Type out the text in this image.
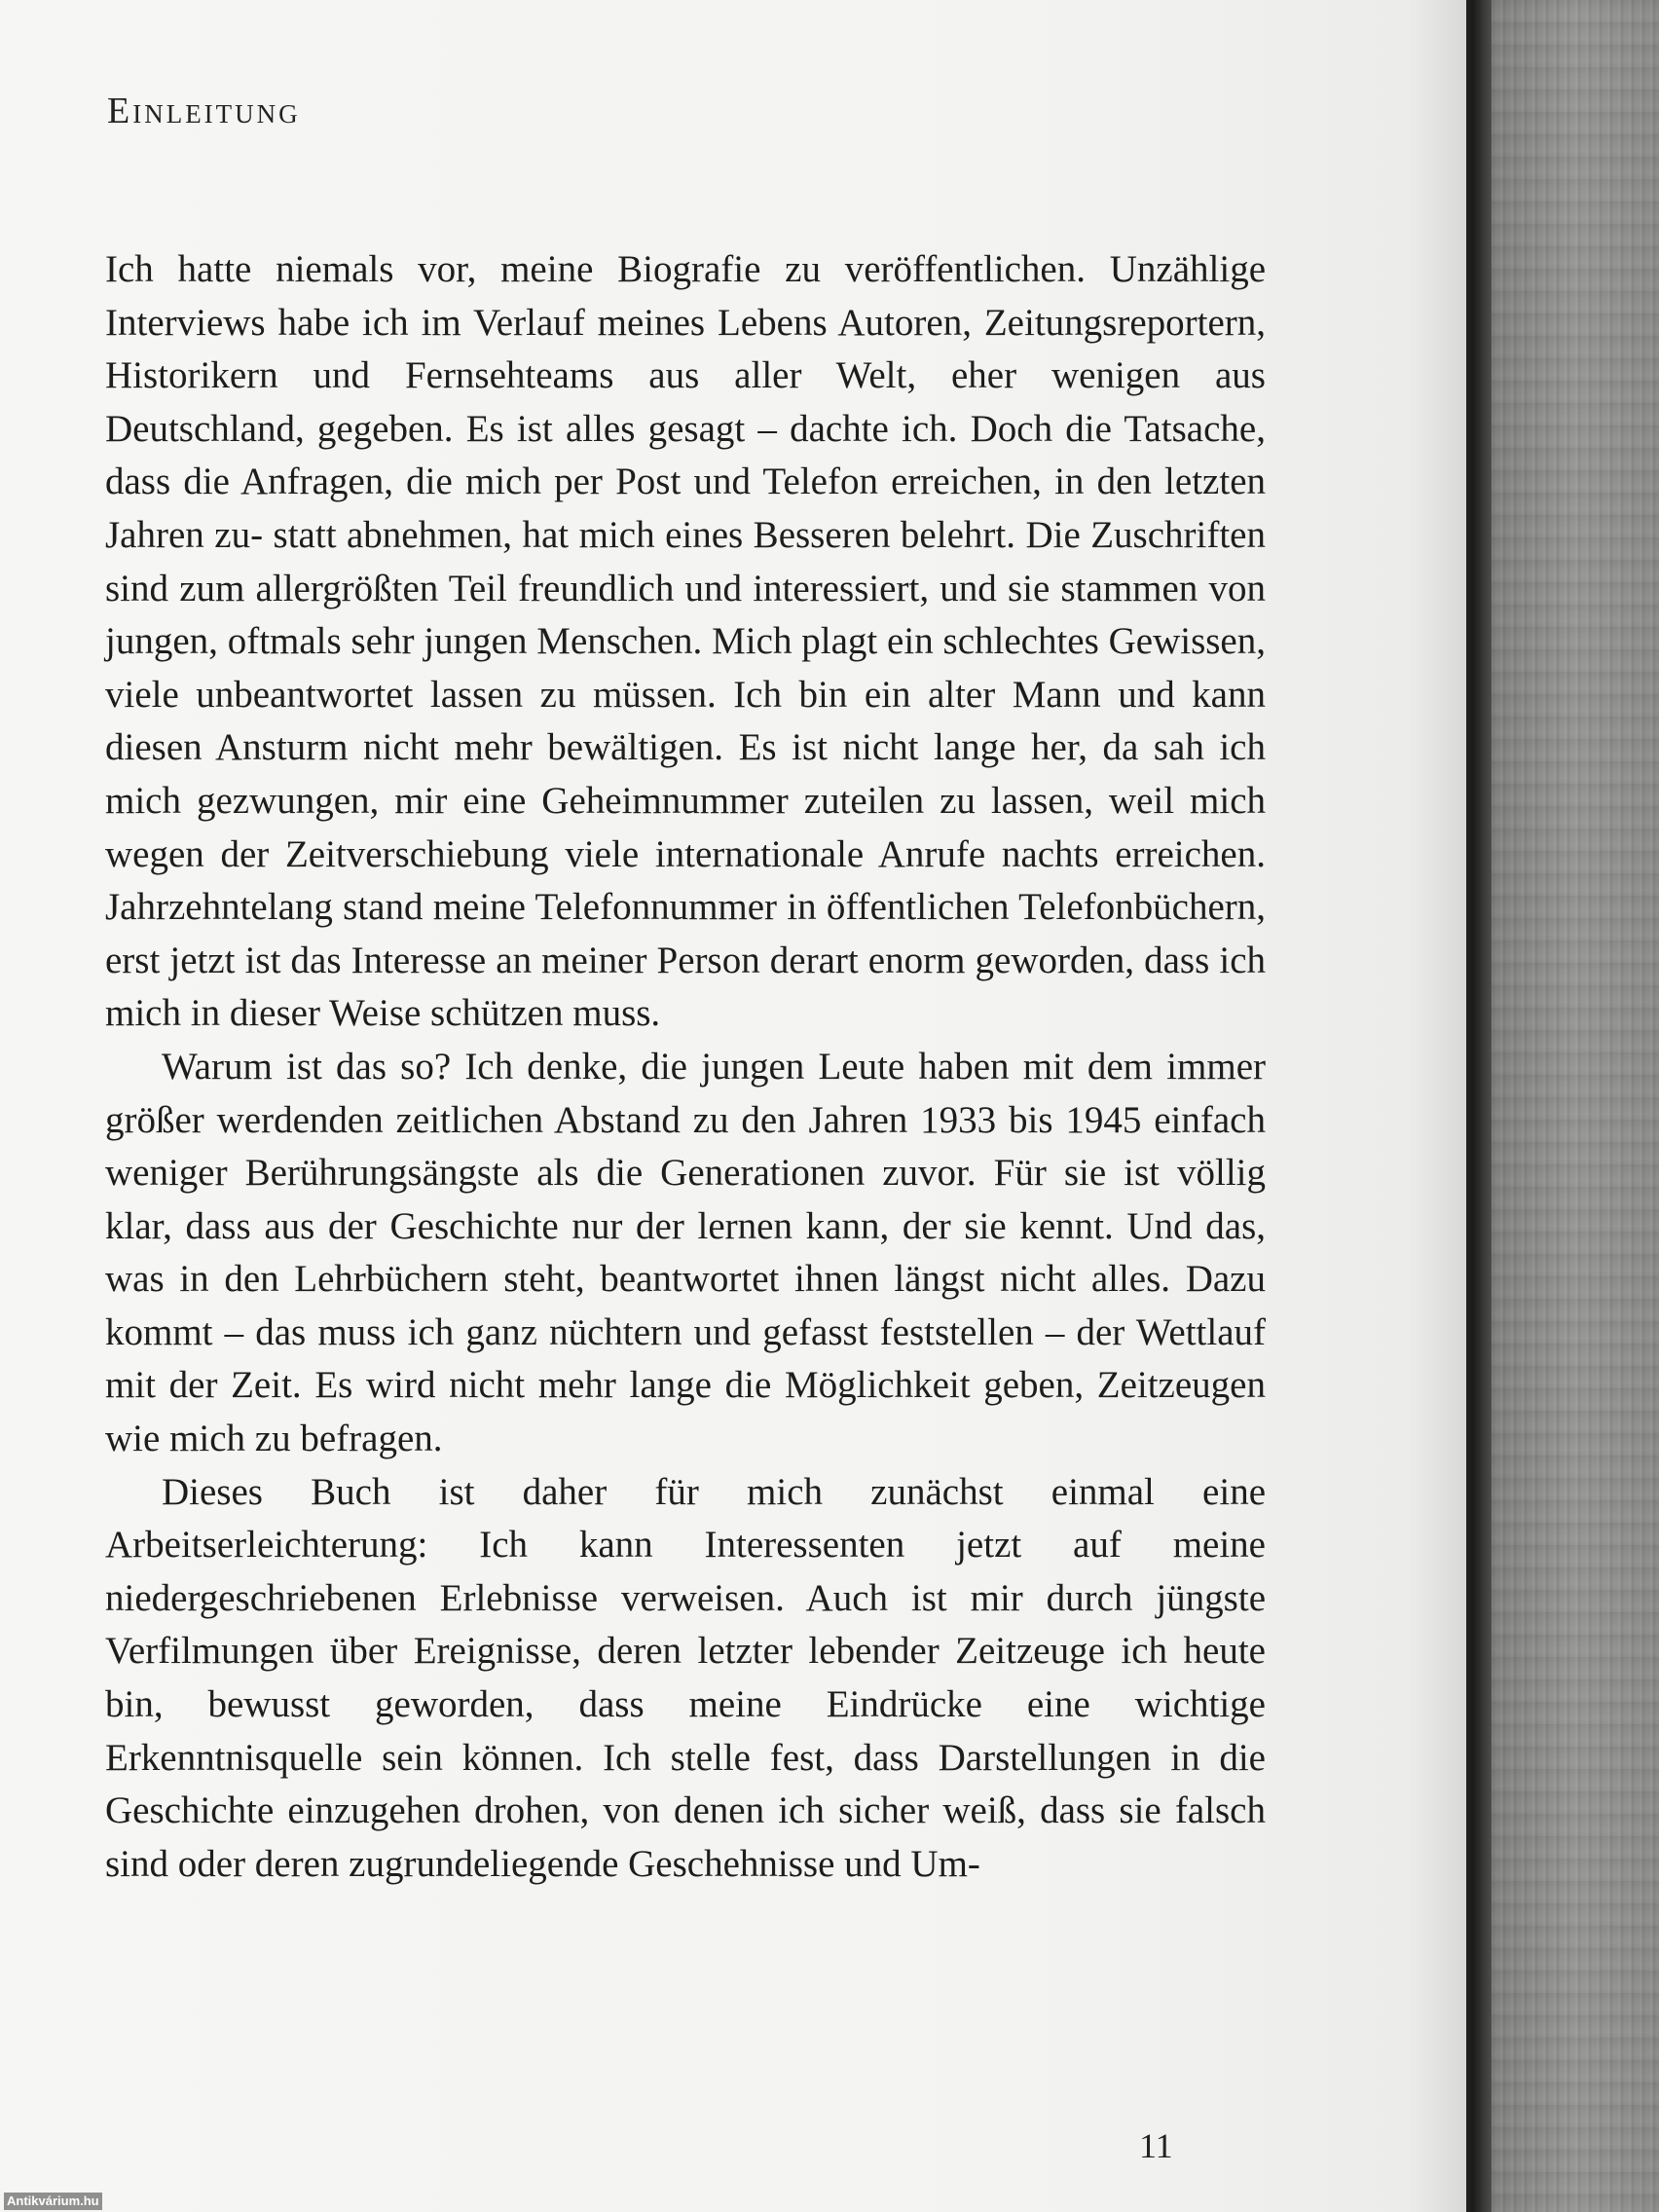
Einleitung

Ich hatte niemals vor, meine Biografie zu veröffentlichen. Unzählige Interviews habe ich im Verlauf meines Lebens Autoren, Zeitungsreportern, Historikern und Fernsehteams aus aller Welt, eher wenigen aus Deutschland, gegeben. Es ist alles gesagt – dachte ich. Doch die Tatsache, dass die Anfragen, die mich per Post und Telefon erreichen, in den letzten Jahren zu- statt abnehmen, hat mich eines Besseren belehrt. Die Zuschriften sind zum allergrößten Teil freundlich und interessiert, und sie stammen von jungen, oftmals sehr jungen Menschen. Mich plagt ein schlechtes Gewissen, viele unbeantwortet lassen zu müssen. Ich bin ein alter Mann und kann diesen Ansturm nicht mehr bewältigen. Es ist nicht lange her, da sah ich mich gezwungen, mir eine Geheimnummer zuteilen zu lassen, weil mich wegen der Zeitverschiebung viele internationale Anrufe nachts erreichen. Jahrzehntelang stand meine Telefonnummer in öffentlichen Telefonbüchern, erst jetzt ist das Interesse an meiner Person derart enorm geworden, dass ich mich in dieser Weise schützen muss.

Warum ist das so? Ich denke, die jungen Leute haben mit dem immer größer werdenden zeitlichen Abstand zu den Jahren 1933 bis 1945 einfach weniger Berührungsängste als die Generationen zuvor. Für sie ist völlig klar, dass aus der Geschichte nur der lernen kann, der sie kennt. Und das, was in den Lehrbüchern steht, beantwortet ihnen längst nicht alles. Dazu kommt – das muss ich ganz nüchtern und gefasst feststellen – der Wettlauf mit der Zeit. Es wird nicht mehr lange die Möglichkeit geben, Zeitzeugen wie mich zu befragen.

Dieses Buch ist daher für mich zunächst einmal eine Arbeitserleichterung: Ich kann Interessenten jetzt auf meine niedergeschriebenen Erlebnisse verweisen. Auch ist mir durch jüngste Verfilmungen über Ereignisse, deren letzter lebender Zeitzeuge ich heute bin, bewusst geworden, dass meine Eindrücke eine wichtige Erkenntnisquelle sein können. Ich stelle fest, dass Darstellungen in die Geschichte einzugehen drohen, von denen ich sicher weiß, dass sie falsch sind oder deren zugrundeliegende Geschehnisse und Um-

11
Antikvárium.hu
